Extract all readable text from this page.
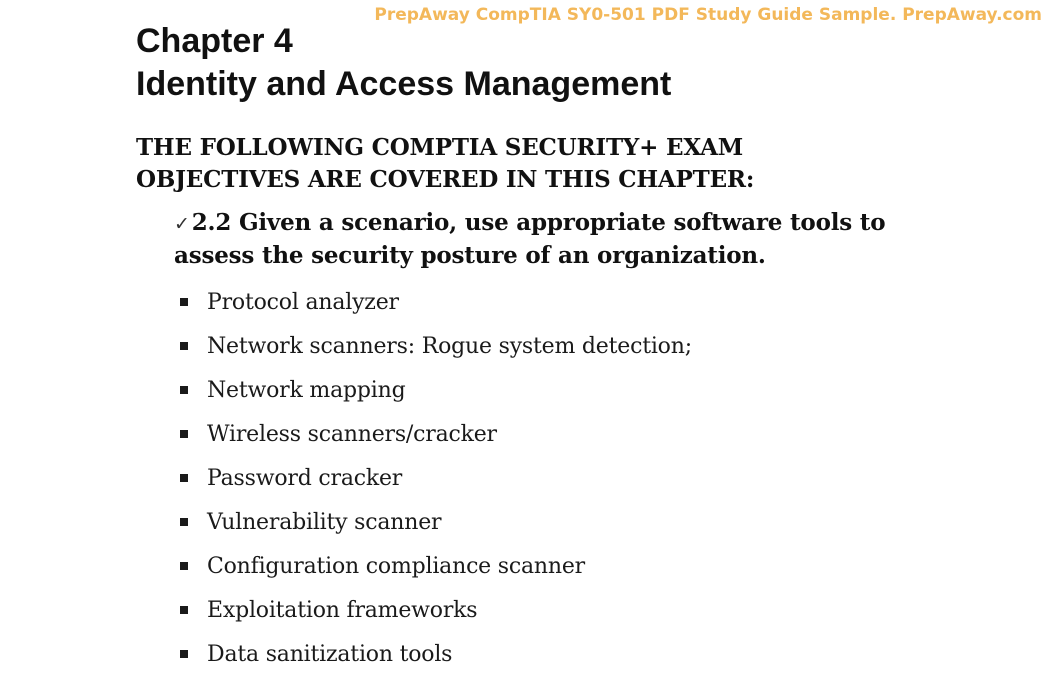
PrepAway CompTIA SY0-501 PDF Study Guide Sample. PrepAway.com
Chapter 4
Identity and Access Management
THE FOLLOWING COMPTIA SECURITY+ EXAM
OBJECTIVES ARE COVERED IN THIS CHAPTER:
✓2.2 Given a scenario, use appropriate software tools to
assess the security posture of an organization.
Protocol analyzer
Network scanners: Rogue system detection;
Network mapping
Wireless scanners/cracker
Password cracker
Vulnerability scanner
Configuration compliance scanner
Exploitation frameworks
Data sanitization tools
